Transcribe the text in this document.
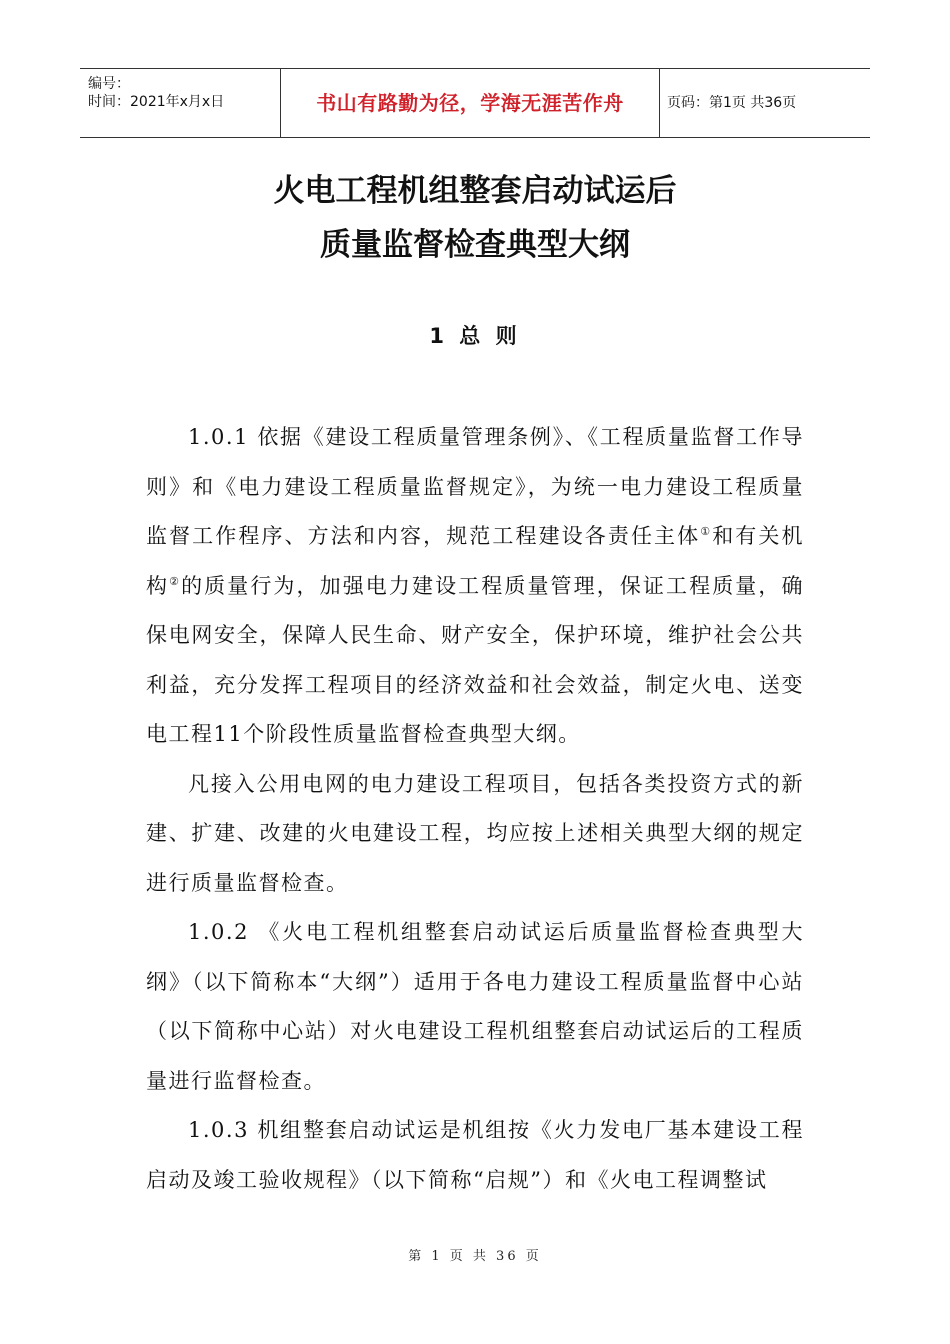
编号：
时间：2021年x月x日	书山有路勤为径，学海无涯苦作舟	页码：第1页 共36页
火电工程机组整套启动试运后
质量监督检查典型大纲
1 总 则

1.0.1 依据《建设工程质量管理条例》、《工程质量监督工作导则》和《电力建设工程质量监督规定》，为统一电力建设工程质量监督工作程序、方法和内容，规范工程建设各责任主体①和有关机构②的质量行为，加强电力建设工程质量管理，保证工程质量，确保电网安全，保障人民生命、财产安全，保护环境，维护社会公共利益，充分发挥工程项目的经济效益和社会效益，制定火电、送变电工程11个阶段性质量监督检查典型大纲。

凡接入公用电网的电力建设工程项目，包括各类投资方式的新建、扩建、改建的火电建设工程，均应按上述相关典型大纲的规定进行质量监督检查。

1.0.2 《火电工程机组整套启动试运后质量监督检查典型大纲》（以下简称本“大纲”）适用于各电力建设工程质量监督中心站（以下简称中心站）对火电建设工程机组整套启动试运后的工程质量进行监督检查。

1.0.3 机组整套启动试运是机组按《火力发电厂基本建设工程启动及竣工验收规程》（以下简称“启规”）和《火电工程调整试

第 1 页 共 36 页
